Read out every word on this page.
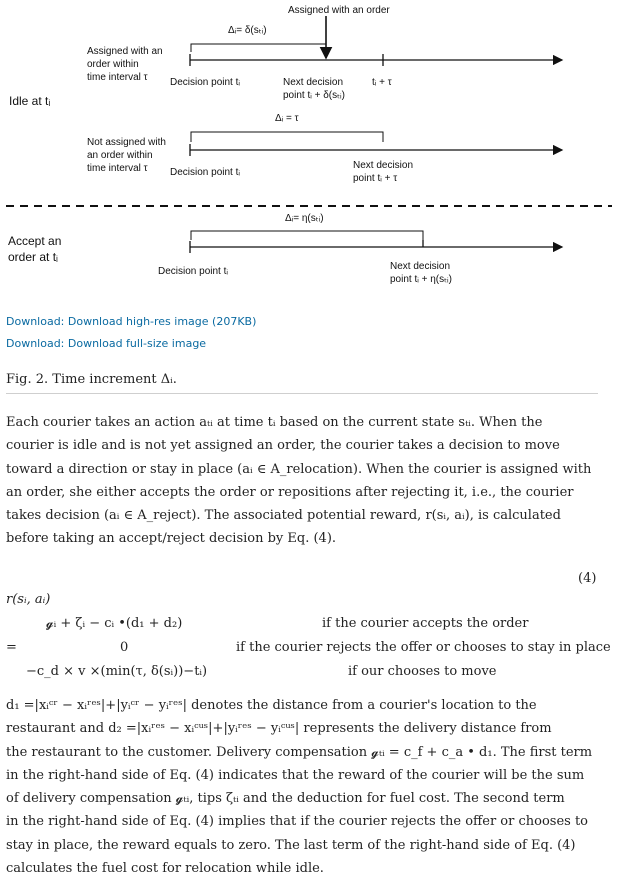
Assigned with an order
Δᵢ= δ(sₜᵢ)
Assigned with an
order within
time interval τ	Decision point tᵢ	Next decision
point tᵢ + δ(sₜᵢ)
tᵢ + τ
Idle at tᵢ
Δᵢ = τ
Not assigned with
an order within
time interval τ	Decision point tᵢ
Next decision
point tᵢ + τ
Δᵢ= η(sₜᵢ)
Accept an
order at tᵢ
Decision point tᵢ	Next decision
point tᵢ + η(sₜᵢ)
Download: Download high-res image (207KB)
Download: Download full-size image
Fig. 2. Time increment Δᵢ.
Each courier takes an action aₜᵢ at time tᵢ based on the current state sₜᵢ. When the
courier is idle and is not yet assigned an order, the courier takes a decision to move
toward a direction or stay in place (aᵢ ∈ A_relocation). When the courier is assigned with
an order, she either accepts the order or repositions after rejecting it, i.e., the courier
takes decision (aᵢ ∈ A_reject). The associated potential reward, r(sᵢ, aᵢ), is calculated
before taking an accept/reject decision by Eq. (4).
(4)
r(sᵢ, aᵢ)
𝓰ᵢ + ζᵢ − cᵢ •(d₁ + d₂)	if the courier accepts the order
=	0	if the courier rejects the offer or chooses to stay in place
−c_d × v ×(min(τ, δ(sᵢ))−tᵢ)	if our chooses to move
d₁ =|xᵢᶜʳ − xᵢʳᵉˢ|+|yᵢᶜʳ − yᵢʳᵉˢ| denotes the distance from a courier's location to the
restaurant and d₂ =|xᵢʳᵉˢ − xᵢᶜᵘˢ|+|yᵢʳᵉˢ − yᵢᶜᵘˢ| represents the delivery distance from
the restaurant to the customer. Delivery compensation 𝓰ₜᵢ = c_f + c_a • d₁. The first term
in the right-hand side of Eq. (4) indicates that the reward of the courier will be the sum
of delivery compensation 𝓰ₜᵢ, tips ζₜᵢ and the deduction for fuel cost. The second term
in the right-hand side of Eq. (4) implies that if the courier rejects the offer or chooses to
stay in place, the reward equals to zero. The last term of the right-hand side of Eq. (4)
calculates the fuel cost for relocation while idle.
